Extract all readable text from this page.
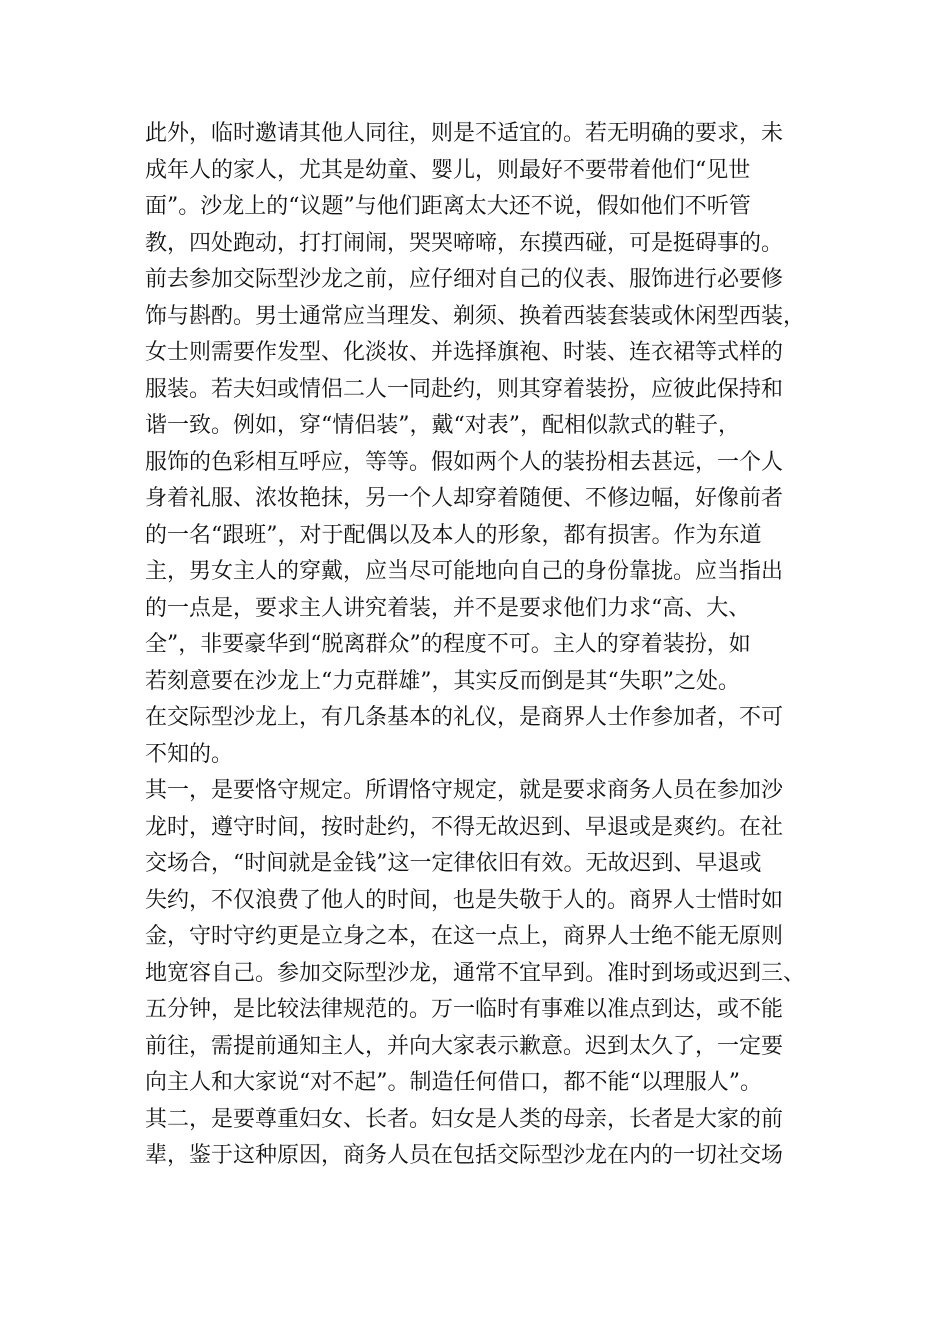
此外，临时邀请其他人同往，则是不适宜的。若无明确的要求，未
成年人的家人，尤其是幼童、婴儿，则最好不要带着他们“见世
面”。沙龙上的“议题”与他们距离太大还不说，假如他们不听管
教，四处跑动，打打闹闹，哭哭啼啼，东摸西碰，可是挺碍事的。
前去参加交际型沙龙之前，应仔细对自己的仪表、服饰进行必要修
饰与斟酌。男士通常应当理发、剃须、换着西装套装或休闲型西装，
女士则需要作发型、化淡妆、并选择旗袍、时装、连衣裙等式样的
服装。若夫妇或情侣二人一同赴约，则其穿着装扮，应彼此保持和
谐一致。例如，穿“情侣装”，戴“对表”，配相似款式的鞋子，
服饰的色彩相互呼应，等等。假如两个人的装扮相去甚远，一个人
身着礼服、浓妆艳抹，另一个人却穿着随便、不修边幅，好像前者
的一名“跟班”，对于配偶以及本人的形象，都有损害。作为东道
主，男女主人的穿戴，应当尽可能地向自己的身份靠拢。应当指出
的一点是，要求主人讲究着装，并不是要求他们力求“高、大、
全”，非要豪华到“脱离群众”的程度不可。主人的穿着装扮，如
若刻意要在沙龙上“力克群雄”，其实反而倒是其“失职”之处。
在交际型沙龙上，有几条基本的礼仪，是商界人士作参加者，不可
不知的。
其一，是要恪守规定。所谓恪守规定，就是要求商务人员在参加沙
龙时，遵守时间，按时赴约，不得无故迟到、早退或是爽约。在社
交场合，“时间就是金钱”这一定律依旧有效。无故迟到、早退或
失约，不仅浪费了他人的时间，也是失敬于人的。商界人士惜时如
金，守时守约更是立身之本，在这一点上，商界人士绝不能无原则
地宽容自己。参加交际型沙龙，通常不宜早到。准时到场或迟到三、
五分钟，是比较法律规范的。万一临时有事难以准点到达，或不能
前往，需提前通知主人，并向大家表示歉意。迟到太久了，一定要
向主人和大家说“对不起”。制造任何借口，都不能“以理服人”。
其二，是要尊重妇女、长者。妇女是人类的母亲，长者是大家的前
辈，鉴于这种原因，商务人员在包括交际型沙龙在内的一切社交场
